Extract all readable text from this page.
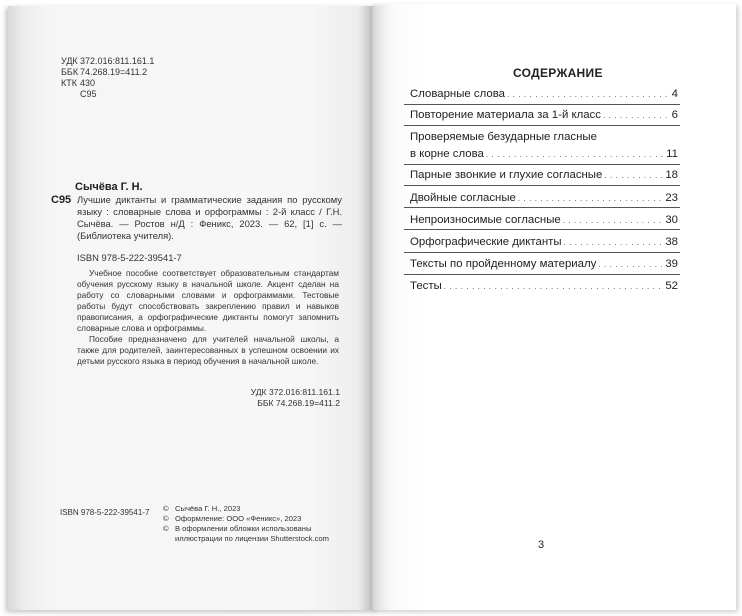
УДК 372.016:811.161.1
ББК 74.268.19=411.2
КТК 430
С95
Сычёва Г. Н.
С95 Лучшие диктанты и грамматические задания по русскому языку : словарные слова и орфограммы : 2-й класс / Г.Н. Сычёва. — Ростов н/Д : Феникс, 2023. — 62, [1] с. — (Библиотека учителя).
ISBN 978-5-222-39541-7

Учебное пособие соответствует образовательным стандартам обучения русскому языку в начальной школе. Акцент сделан на работу со словарными словами и орфограммами. Тестовые работы будут способствовать закреплению правил и навыков правописания, а орфографические диктанты помогут запомнить словарные слова и орфограммы.

Пособие предназначено для учителей начальной школы, а также для родителей, заинтересованных в успешном освоении их детьми русского языка в период обучения в начальной школе.

УДК 372.016:811.161.1
ББК 74.268.19=411.2
ISBN 978-5-222-39541-7 © Сычёва Г. Н., 2023
© Оформление: ООО «Феникс», 2023
© В оформлении обложки использованы
иллюстрации по лицензии Shutterstock.com
СОДЕРЖАНИЕ
Словарные слова . . .	4
Повторение материала за 1-й класс . . .	6
Проверяемые безударные гласные
в корне слова . . .	11
Парные звонкие и глухие согласные . . .	18
Двойные согласные . . .	23
Непроизносимые согласные . . .	30
Орфографические диктанты . . .	38
Тексты по пройденному материалу . . .	39
Тесты . . .	52
3
